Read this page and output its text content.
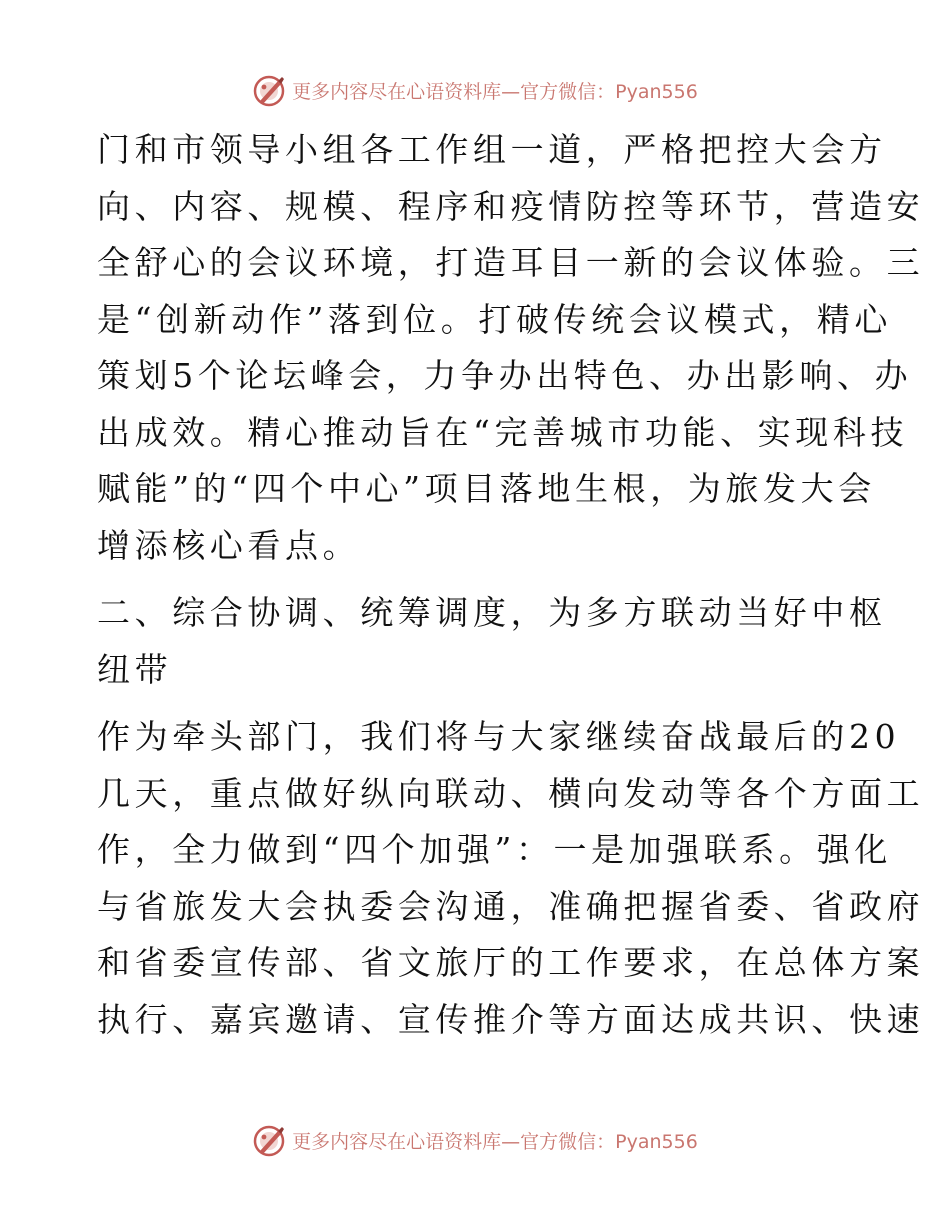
更多内容尽在心语资料库—官方微信：Pyan556

门和市领导小组各工作组一道，严格把控大会方
向、内容、规模、程序和疫情防控等环节，营造安
全舒心的会议环境，打造耳目一新的会议体验。三
是“创新动作”落到位。打破传统会议模式，精心
策划5个论坛峰会，力争办出特色、办出影响、办
出成效。精心推动旨在“完善城市功能、实现科技
赋能”的“四个中心”项目落地生根，为旅发大会
增添核心看点。

二、综合协调、统筹调度，为多方联动当好中枢
纽带

作为牵头部门，我们将与大家继续奋战最后的20
几天，重点做好纵向联动、横向发动等各个方面工
作，全力做到“四个加强”：一是加强联系。强化
与省旅发大会执委会沟通，准确把握省委、省政府
和省委宣传部、省文旅厅的工作要求，在总体方案
执行、嘉宾邀请、宣传推介等方面达成共识、快速

更多内容尽在心语资料库—官方微信：Pyan556
